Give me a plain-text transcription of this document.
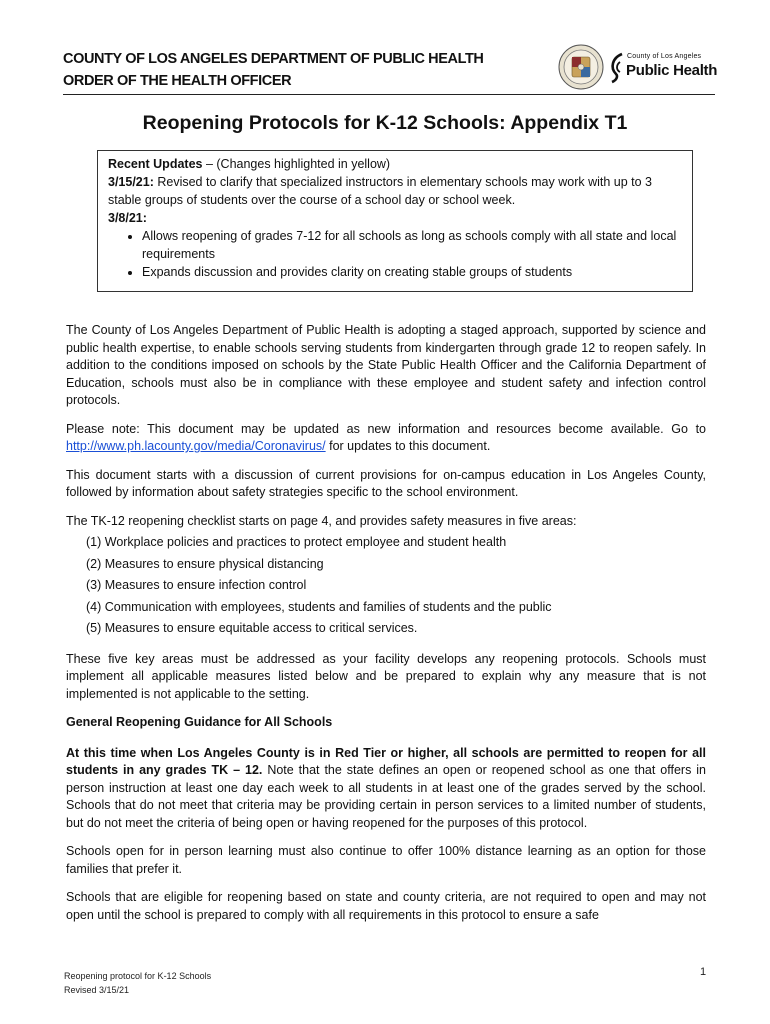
COUNTY OF LOS ANGELES DEPARTMENT OF PUBLIC HEALTH
ORDER OF THE HEALTH OFFICER
County of Los Angeles
Public Health
Reopening Protocols for K-12 Schools: Appendix T1
Recent Updates – (Changes highlighted in yellow)
3/15/21: Revised to clarify that specialized instructors in elementary schools may work with up to 3 stable groups of students over the course of a school day or school week.
3/8/21:
• Allows reopening of grades 7-12 for all schools as long as schools comply with all state and local requirements
• Expands discussion and provides clarity on creating stable groups of students

The County of Los Angeles Department of Public Health is adopting a staged approach, supported by science and public health expertise, to enable schools serving students from kindergarten through grade 12 to reopen safely. In addition to the conditions imposed on schools by the State Public Health Officer and the California Department of Education, schools must also be in compliance with these employee and student safety and infection control protocols.

Please note: This document may be updated as new information and resources become available. Go to http://www.ph.lacounty.gov/media/Coronavirus/ for updates to this document.

This document starts with a discussion of current provisions for on-campus education in Los Angeles County, followed by information about safety strategies specific to the school environment.

The TK-12 reopening checklist starts on page 4, and provides safety measures in five areas:

(1) Workplace policies and practices to protect employee and student health
(2) Measures to ensure physical distancing
(3) Measures to ensure infection control
(4) Communication with employees, students and families of students and the public
(5) Measures to ensure equitable access to critical services.

These five key areas must be addressed as your facility develops any reopening protocols. Schools must implement all applicable measures listed below and be prepared to explain why any measure that is not implemented is not applicable to the setting.

General Reopening Guidance for All Schools

At this time when Los Angeles County is in Red Tier or higher, all schools are permitted to reopen for all students in any grades TK – 12. Note that the state defines an open or reopened school as one that offers in person instruction at least one day each week to all students in at least one of the grades served by the school. Schools that do not meet that criteria may be providing certain in person services to a limited number of students, but do not meet the criteria of being open or having reopened for the purposes of this protocol.

Schools open for in person learning must also continue to offer 100% distance learning as an option for those families that prefer it.

Schools that are eligible for reopening based on state and county criteria, are not required to open and may not open until the school is prepared to comply with all requirements in this protocol to ensure a safe

Reopening protocol for K-12 Schools
Revised 3/15/21
1
